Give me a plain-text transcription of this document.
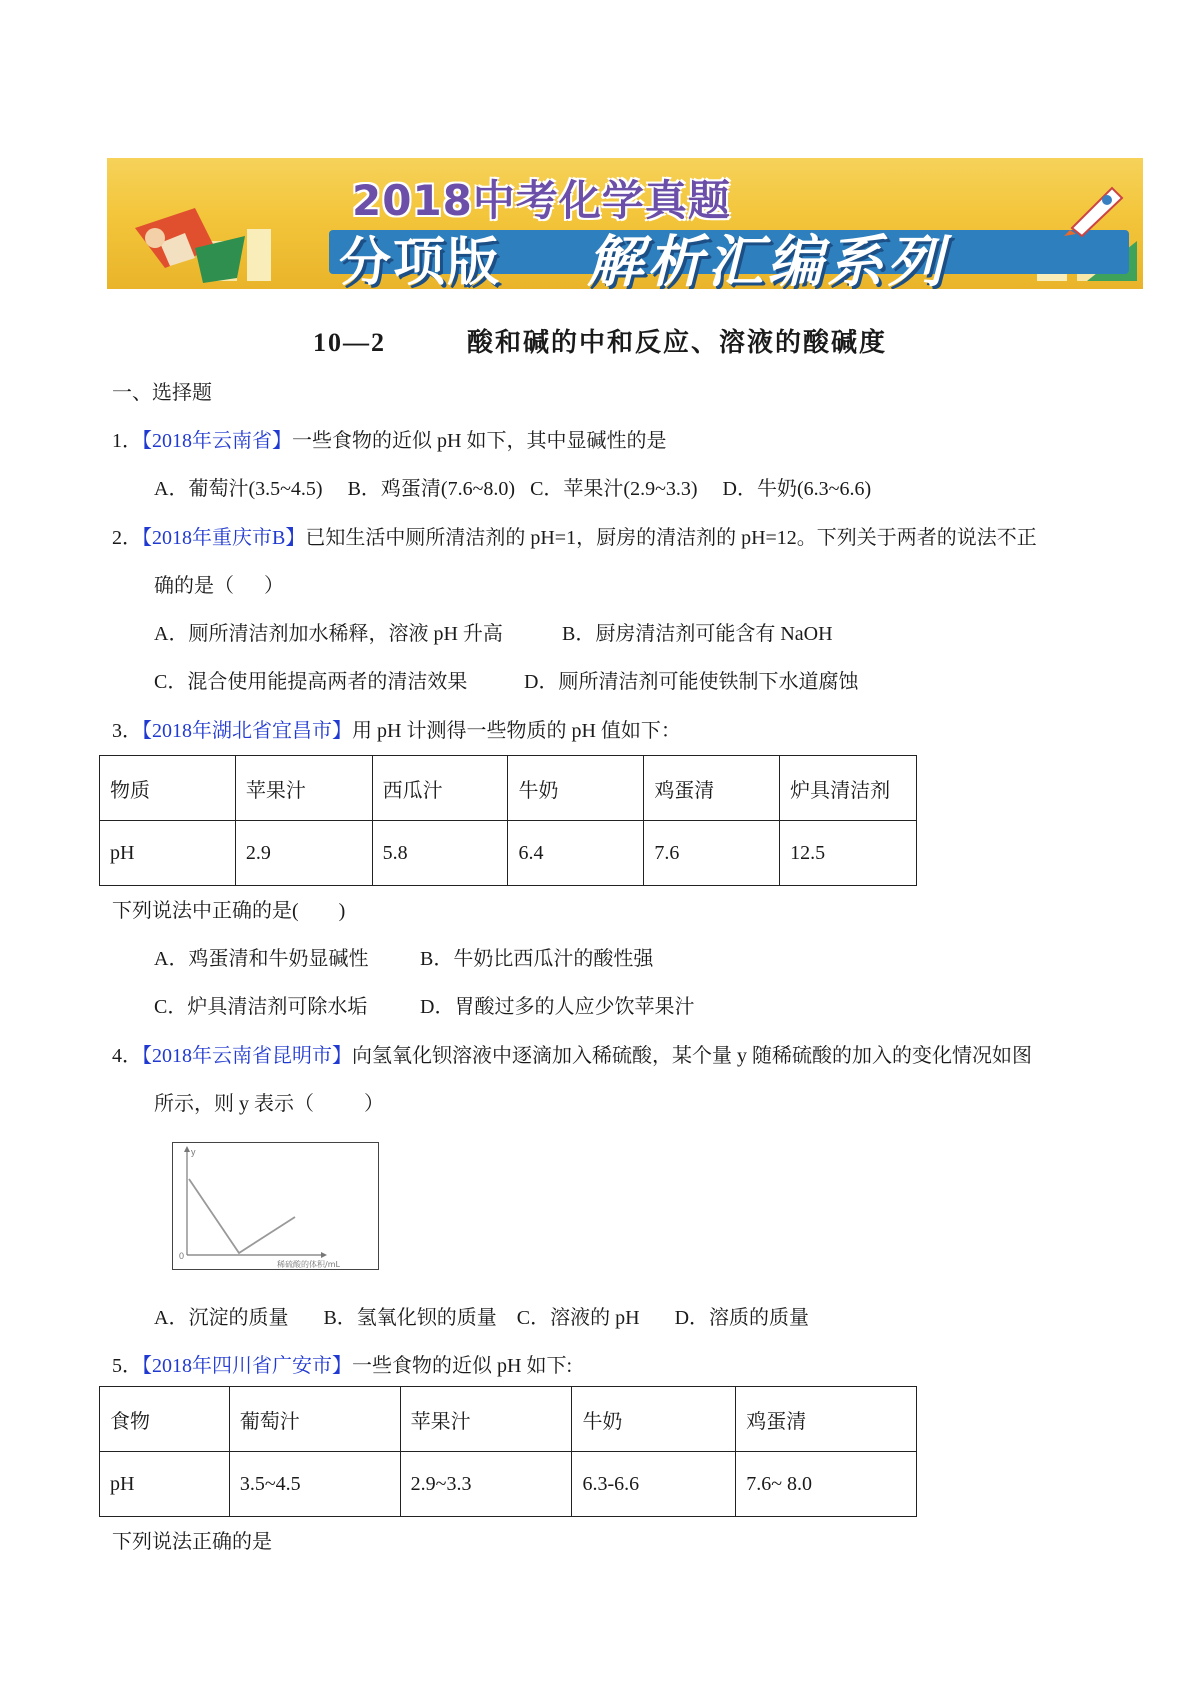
2018中考化学真题
分项版 解析汇编系列
10—2	酸和碱的中和反应、溶液的酸碱度
一、选择题
1．【2018年云南省】一些食物的近似 pH 如下，其中显碱性的是
A．葡萄汁(3.5~4.5)     B．鸡蛋清(7.6~8.0)   C．苹果汁(2.9~3.3)     D．牛奶(6.3~6.6)
2．【2018年重庆市B】已知生活中厕所清洁剂的 pH=1，厨房的清洁剂的 pH=12。下列关于两者的说法不正
确的是（      ）
A．厕所清洁剂加水稀释，溶液 pH 升高	B．厨房清洁剂可能含有 NaOH
C．混合使用能提高两者的清洁效果	D．厕所清洁剂可能使铁制下水道腐蚀
3．【2018年湖北省宜昌市】用 pH 计测得一些物质的 pH 值如下：
物质	苹果汁	西瓜汁	牛奶	鸡蛋清	炉具清洁剂
pH	2.9	5.8	6.4	7.6	12.5
下列说法中正确的是(        )
A．鸡蛋清和牛奶显碱性	B．牛奶比西瓜汁的酸性强
C．炉具清洁剂可除水垢	D．胃酸过多的人应少饮苹果汁
4．【2018年云南省昆明市】向氢氧化钡溶液中逐滴加入稀硫酸，某个量 y 随稀硫酸的加入的变化情况如图
所示，则 y 表示（          ）
y
0
稀硫酸的体积/mL
A．沉淀的质量       B．氢氧化钡的质量    C．溶液的 pH       D．溶质的质量
5．【2018年四川省广安市】一些食物的近似 pH 如下:
食物	葡萄汁	苹果汁	牛奶	鸡蛋清
pH	3.5~4.5	2.9~3.3	6.3-6.6	7.6~ 8.0
下列说法正确的是
